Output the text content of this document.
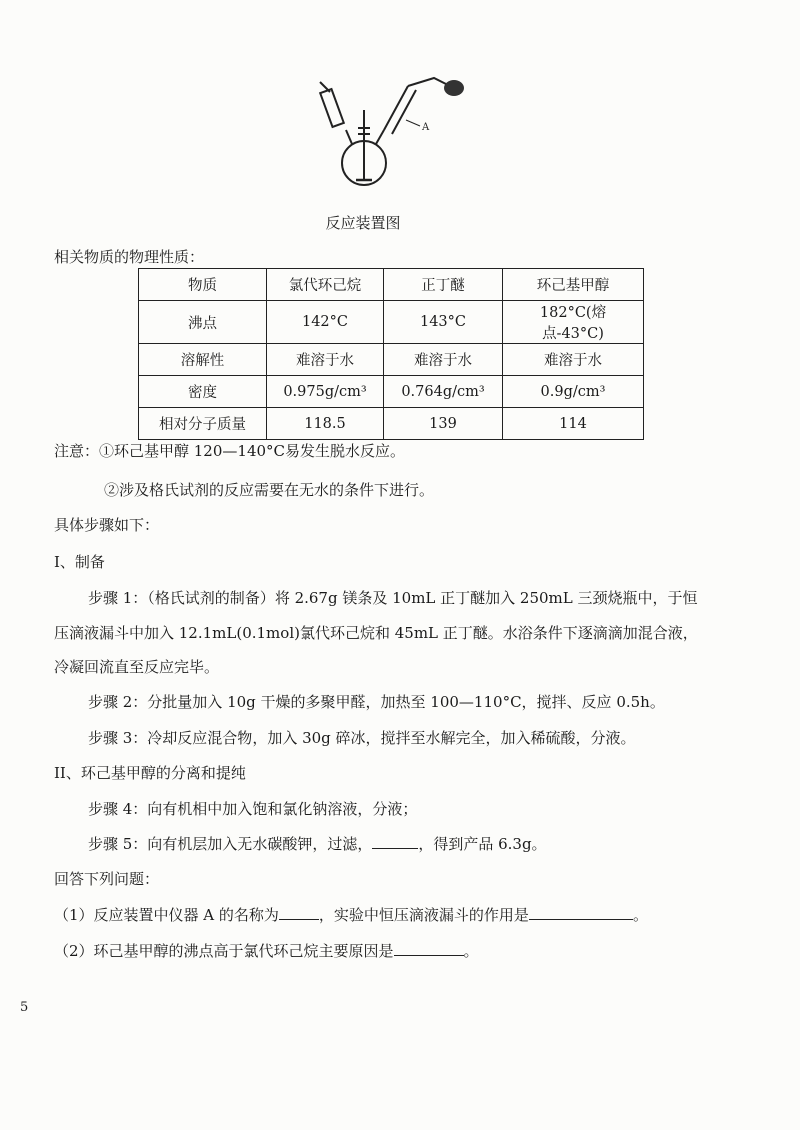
A
反应装置图
相关物质的物理性质：
物质	氯代环己烷	正丁醚	环己基甲醇
沸点	142°C	143°C	182°C(熔点-43°C)
溶解性	难溶于水	难溶于水	难溶于水
密度	0.975g/cm³	0.764g/cm³	0.9g/cm³
相对分子质量	118.5	139	114
注意：①环己基甲醇 120—140°C易发生脱水反应。
②涉及格氏试剂的反应需要在无水的条件下进行。
具体步骤如下：
I、制备
步骤 1：（格氏试剂的制备）将 2.67g 镁条及 10mL 正丁醚加入 250mL 三颈烧瓶中，于恒
压滴液漏斗中加入 12.1mL(0.1mol)氯代环己烷和 45mL 正丁醚。水浴条件下逐滴滴加混合液，
冷凝回流直至反应完毕。
步骤 2：分批量加入 10g 干燥的多聚甲醛，加热至 100—110°C，搅拌、反应 0.5h。
步骤 3：冷却反应混合物，加入 30g 碎冰，搅拌至水解完全，加入稀硫酸，分液。
II、环己基甲醇的分离和提纯
步骤 4：向有机相中加入饱和氯化钠溶液，分液；
步骤 5：向有机层加入无水碳酸钾，过滤，	，得到产品 6.3g。
回答下列问题：
（1）反应装置中仪器 A 的名称为	，实验中恒压滴液漏斗的作用是	。
（2）环己基甲醇的沸点高于氯代环己烷主要原因是	。
5
